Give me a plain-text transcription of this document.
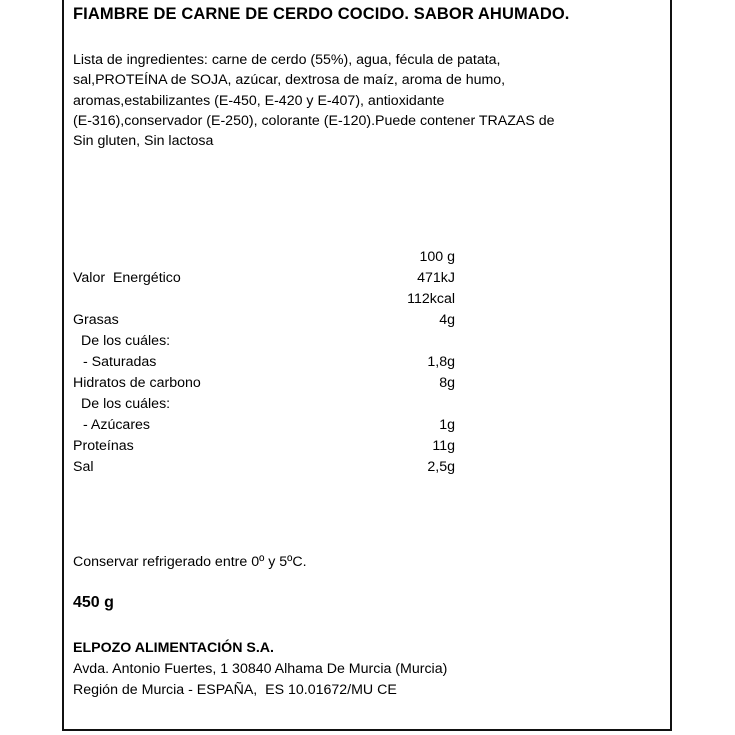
FIAMBRE DE CARNE DE CERDO COCIDO. SABOR AHUMADO.
Lista de ingredientes: carne de cerdo (55%), agua, fécula de patata,
sal,PROTEÍNA de SOJA, azúcar, dextrosa de maíz, aroma de humo,
aromas,estabilizantes (E-450, E-420 y E-407), antioxidante
(E-316),conservador (E-250), colorante (E-120).Puede contener TRAZAS de
Sin gluten, Sin lactosa
100 g
Valor  Energético	471kJ
112kcal
Grasas	4g
De los cuáles:
- Saturadas	1,8g
Hidratos de carbono	8g
De los cuáles:
- Azúcares	1g
Proteínas	11g
Sal	2,5g
Conservar refrigerado entre 0º y 5ºC.
450 g
ELPOZO ALIMENTACIÓN S.A.
Avda. Antonio Fuertes, 1 30840 Alhama De Murcia (Murcia)
Región de Murcia - ESPAÑA,  ES 10.01672/MU CE
